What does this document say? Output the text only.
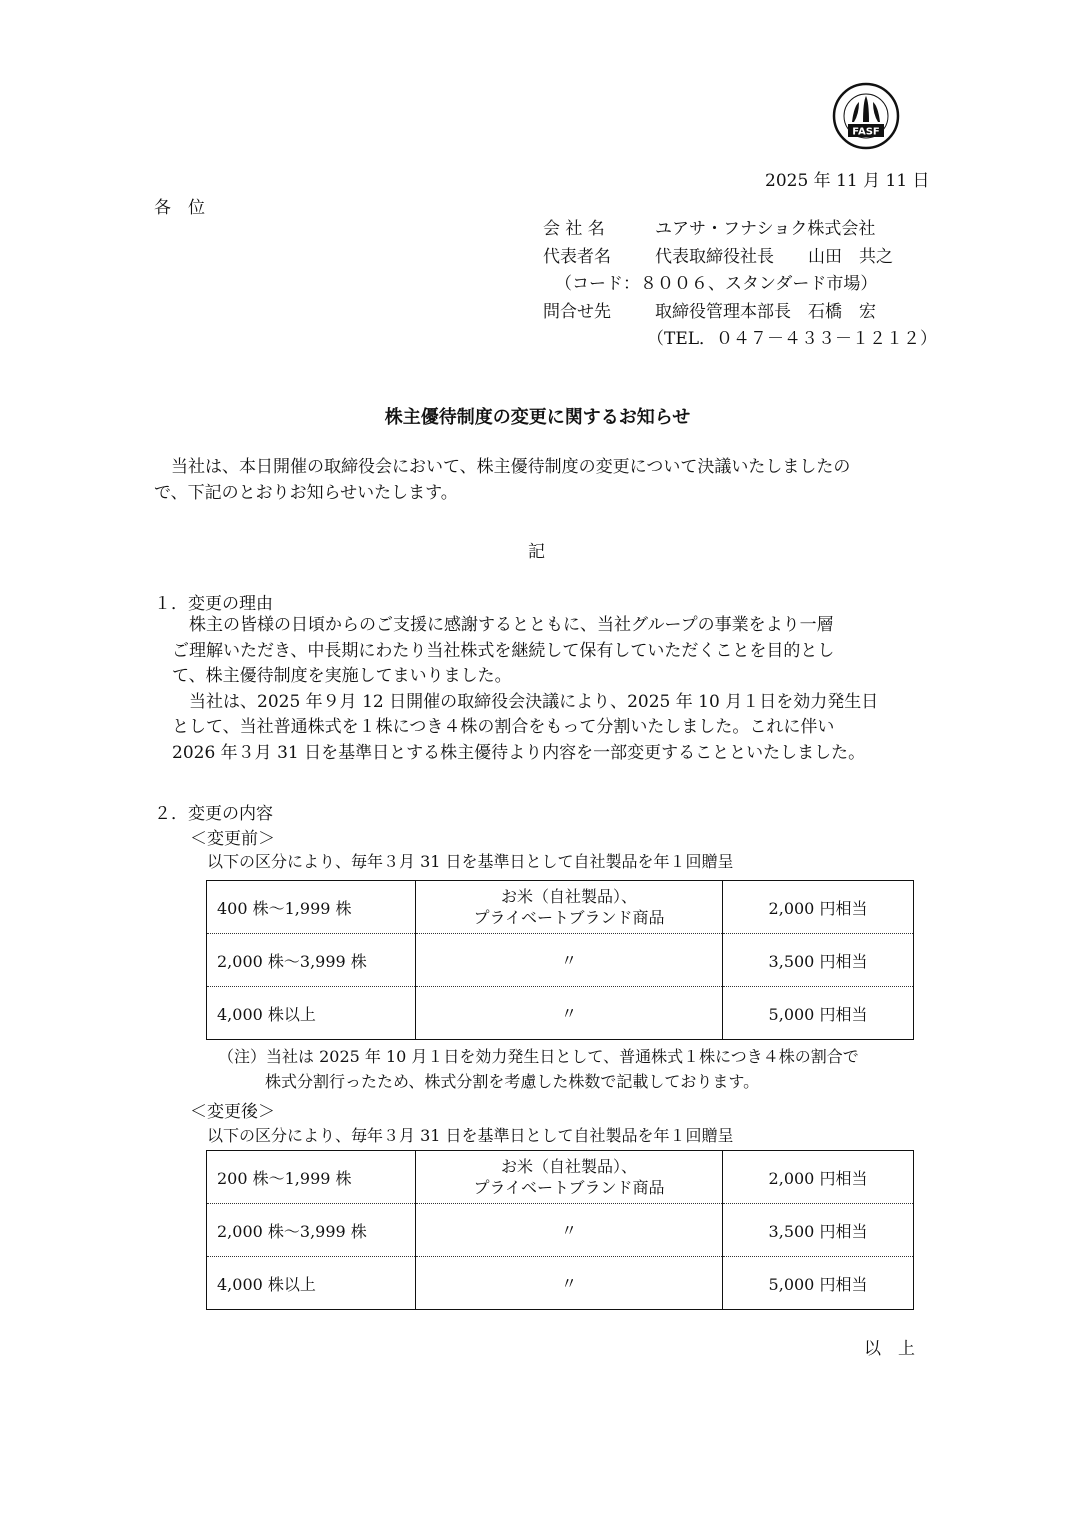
FASF
2025 年 11 月 11 日
各　位
会 社 名	ユアサ・フナショク株式会社
代表者名	代表取締役社長　　山田　共之
（コード：８００６、スタンダード市場）
問合せ先	取締役管理本部長　石橋　宏
（TEL．０４７－４３３－１２１２）
株主優待制度の変更に関するお知らせ
　当社は、本日開催の取締役会において、株主優待制度の変更について決議いたしましたの
で、下記のとおりお知らせいたします。
記
１．変更の理由
　株主の皆様の日頃からのご支援に感謝するとともに、当社グループの事業をより一層
ご理解いただき、中長期にわたり当社株式を継続して保有していただくことを目的とし
て、株主優待制度を実施してまいりました。
　当社は、2025 年９月 12 日開催の取締役会決議により、2025 年 10 月１日を効力発生日
として、当社普通株式を１株につき４株の割合をもって分割いたしました。これに伴い
2026 年３月 31 日を基準日とする株主優待より内容を一部変更することといたしました。
２．変更の内容
＜変更前＞
以下の区分により、毎年３月 31 日を基準日として自社製品を年１回贈呈
400 株～1,999 株	お米（自社製品）、
プライベートブランド商品	2,000 円相当
2,000 株～3,999 株	〃	3,500 円相当
4,000 株以上	〃	5,000 円相当
（注）当社は 2025 年 10 月１日を効力発生日として、普通株式１株につき４株の割合で
株式分割行ったため、株式分割を考慮した株数で記載しております。
＜変更後＞
以下の区分により、毎年３月 31 日を基準日として自社製品を年１回贈呈
200 株～1,999 株	お米（自社製品）、
プライベートブランド商品	2,000 円相当
2,000 株～3,999 株	〃	3,500 円相当
4,000 株以上	〃	5,000 円相当
以　上
